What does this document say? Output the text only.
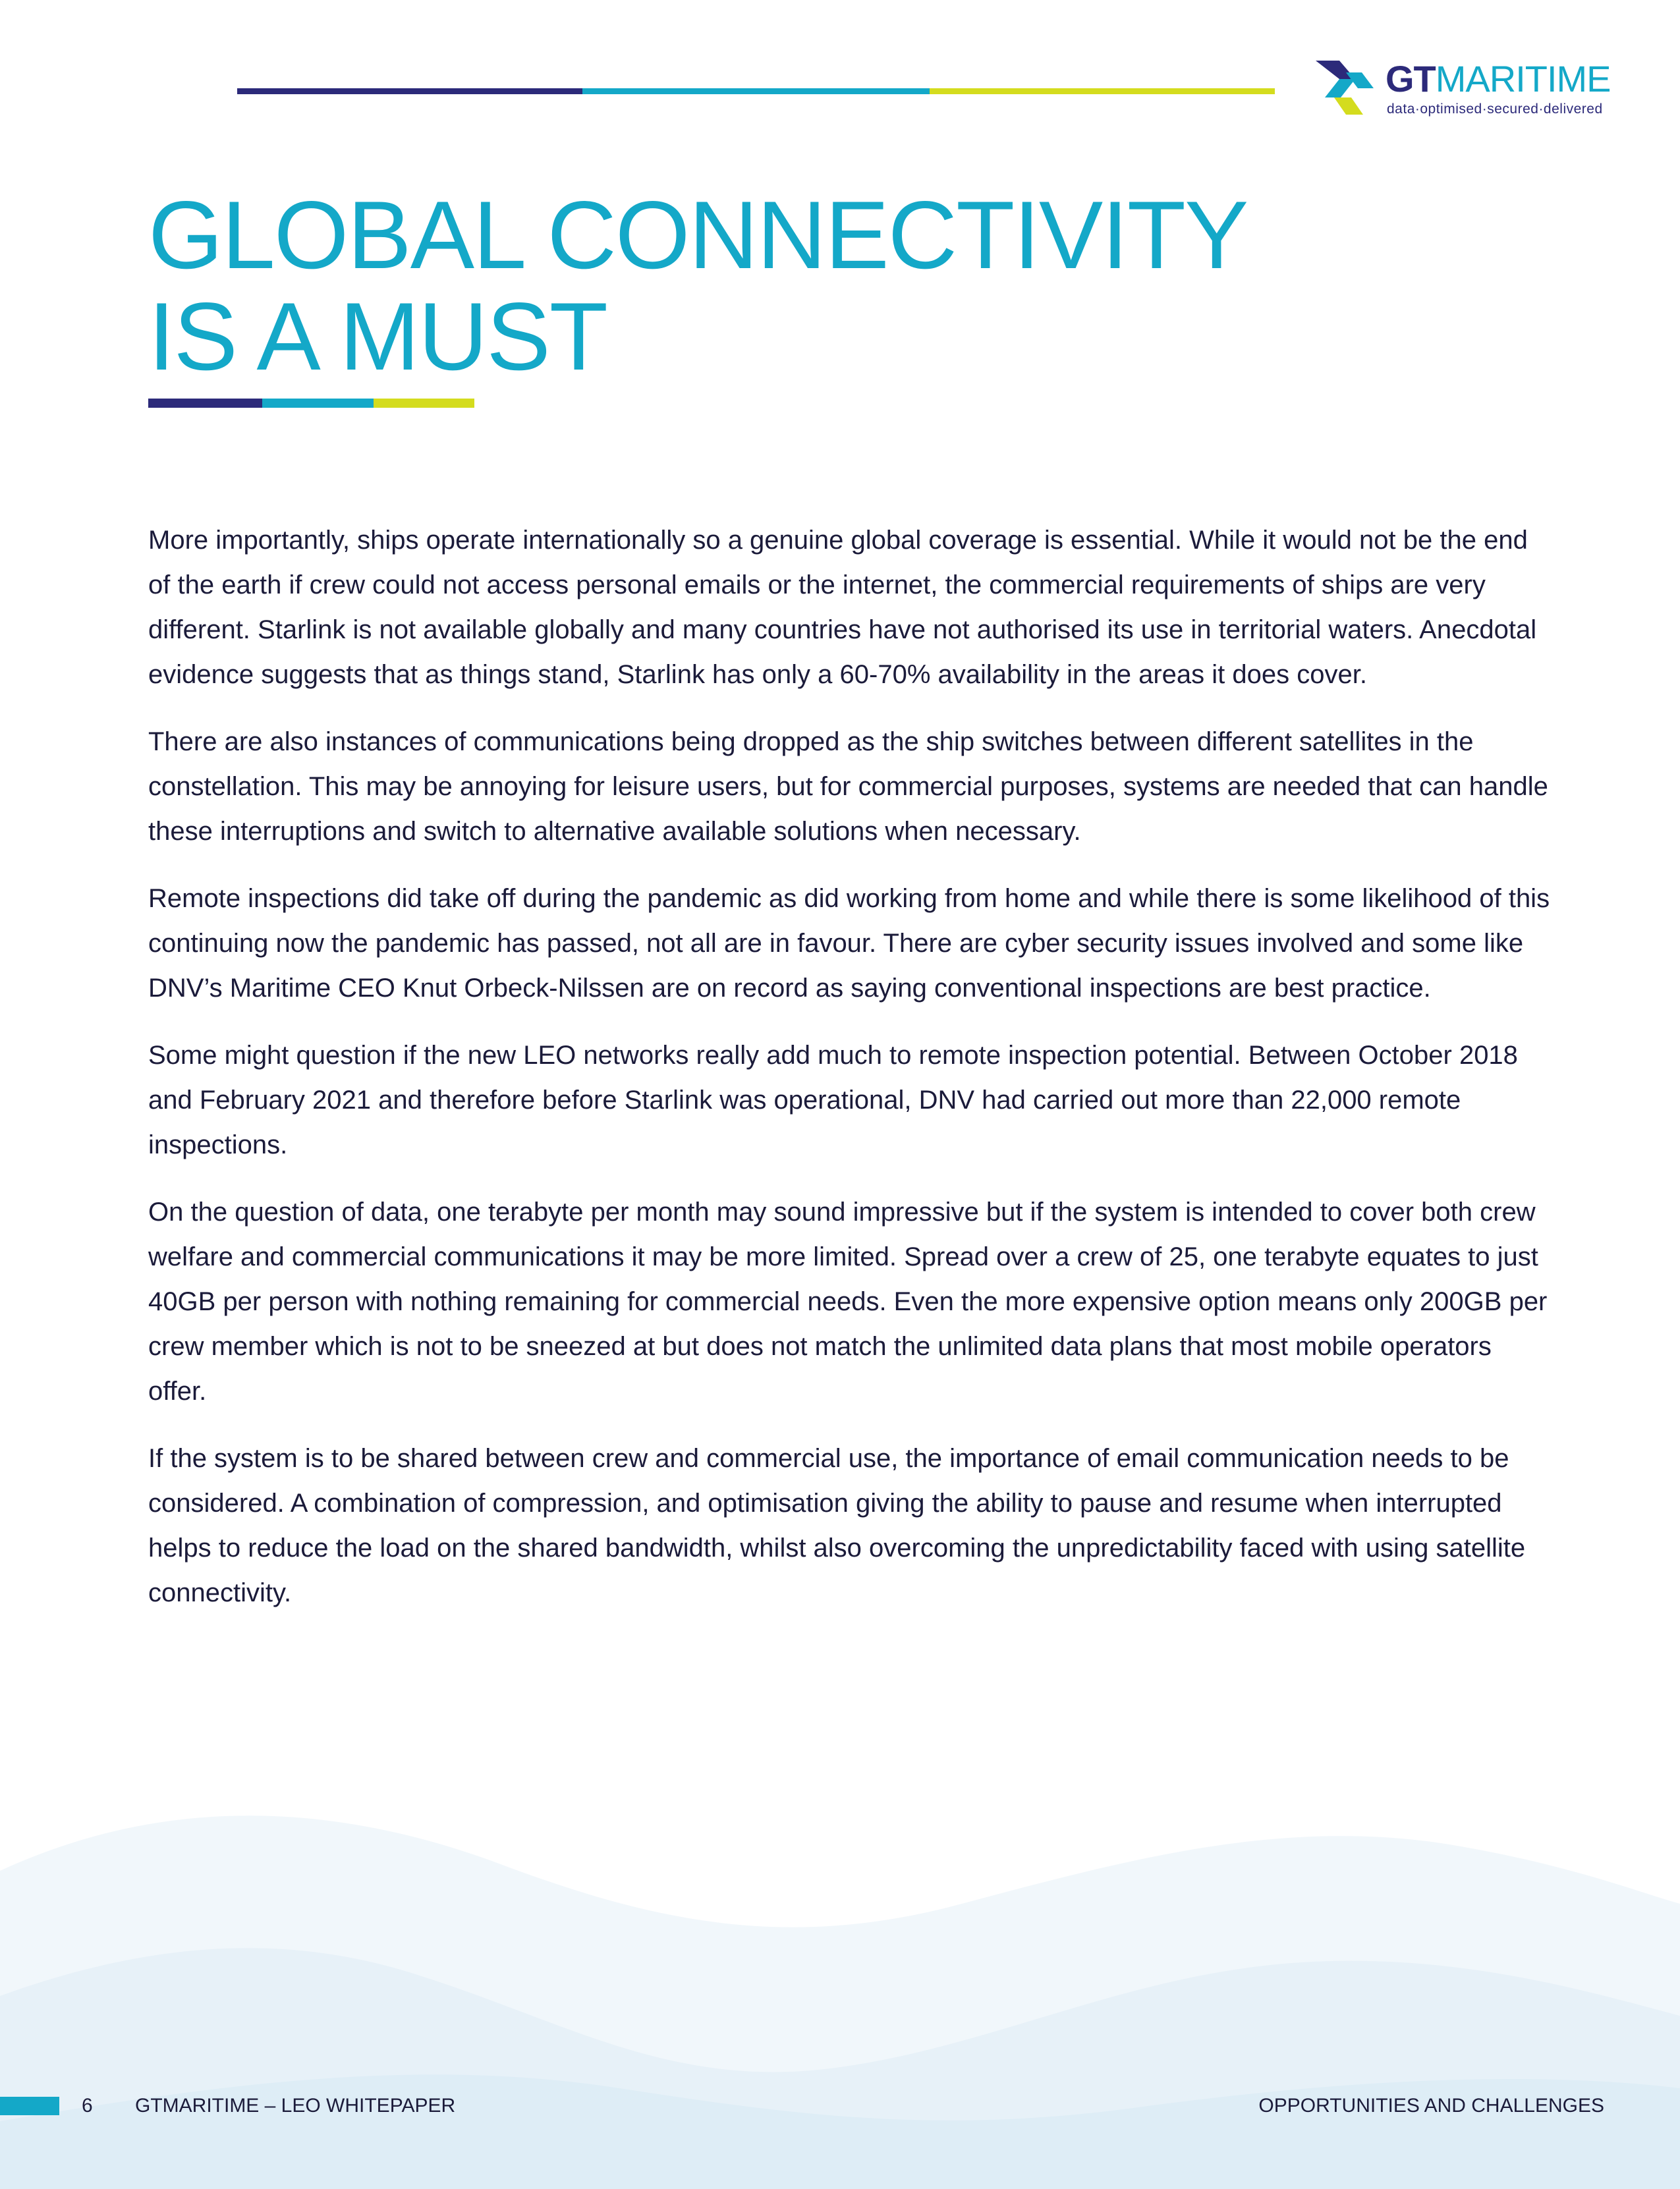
GTMARITIME
data·optimised·secured·delivered
GLOBAL CONNECTIVITY
IS A MUST

More importantly, ships operate internationally so a genuine global coverage is essential. While it would not be the end of the earth if crew could not access personal emails or the internet, the commercial requirements of ships are very different. Starlink is not available globally and many countries have not authorised its use in territorial waters. Anecdotal evidence suggests that as things stand, Starlink has only a 60-70% availability in the areas it does cover.

There are also instances of communications being dropped as the ship switches between different satellites in the constellation. This may be annoying for leisure users, but for commercial purposes, systems are needed that can handle these interruptions and switch to alternative available solutions when necessary.

Remote inspections did take off during the pandemic as did working from home and while there is some likelihood of this continuing now the pandemic has passed, not all are in favour. There are cyber security issues involved and some like DNV’s Maritime CEO Knut Orbeck-Nilssen are on record as saying conventional inspections are best practice.

Some might question if the new LEO networks really add much to remote inspection potential. Between October 2018 and February 2021 and therefore before Starlink was operational, DNV had carried out more than 22,000 remote inspections.

On the question of data, one terabyte per month may sound impressive but if the system is intended to cover both crew welfare and commercial communications it may be more limited. Spread over a crew of 25, one terabyte equates to just 40GB per person with nothing remaining for commercial needs. Even the more expensive option means only 200GB per crew member which is not to be sneezed at but does not match the unlimited data plans that most mobile operators offer.

If the system is to be shared between crew and commercial use, the importance of email communication needs to be considered. A combination of compression, and optimisation giving the ability to pause and resume when interrupted helps to reduce the load on the shared bandwidth, whilst also overcoming the unpredictability faced with using satellite connectivity.

6 GTMARITIME – LEO WHITEPAPER	OPPORTUNITIES AND CHALLENGES
